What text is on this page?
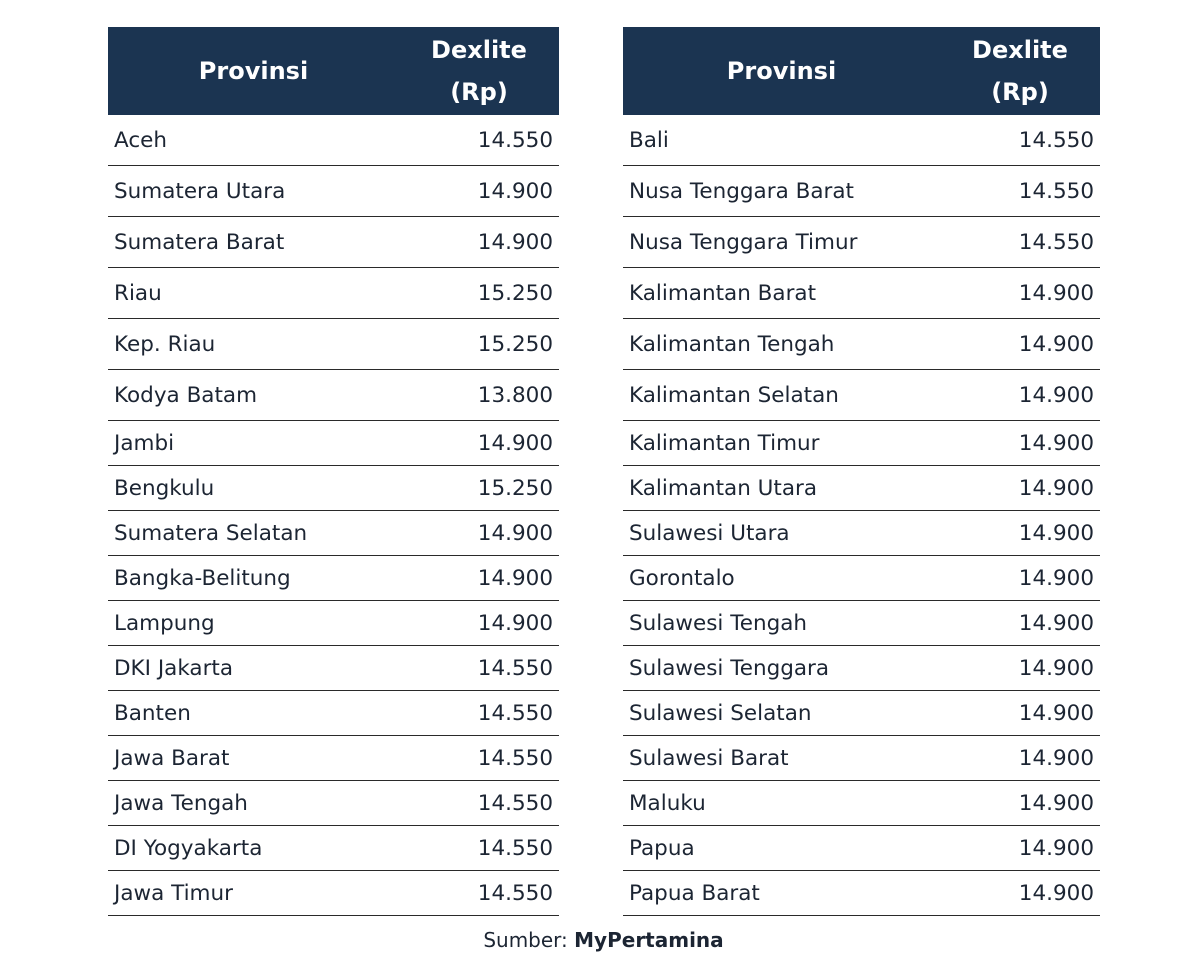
Provinsi	Dexlite
(Rp)
Aceh	14.550
Sumatera Utara	14.900
Sumatera Barat	14.900
Riau	15.250
Kep. Riau	15.250
Kodya Batam	13.800
Jambi	14.900
Bengkulu	15.250
Sumatera Selatan	14.900
Bangka-Belitung	14.900
Lampung	14.900
DKI Jakarta	14.550
Banten	14.550
Jawa Barat	14.550
Jawa Tengah	14.550
DI Yogyakarta	14.550
Jawa Timur	14.550
Provinsi	Dexlite
(Rp)
Bali	14.550
Nusa Tenggara Barat	14.550
Nusa Tenggara Timur	14.550
Kalimantan Barat	14.900
Kalimantan Tengah	14.900
Kalimantan Selatan	14.900
Kalimantan Timur	14.900
Kalimantan Utara	14.900
Sulawesi Utara	14.900
Gorontalo	14.900
Sulawesi Tengah	14.900
Sulawesi Tenggara	14.900
Sulawesi Selatan	14.900
Sulawesi Barat	14.900
Maluku	14.900
Papua	14.900
Papua Barat	14.900
Sumber: MyPertamina
